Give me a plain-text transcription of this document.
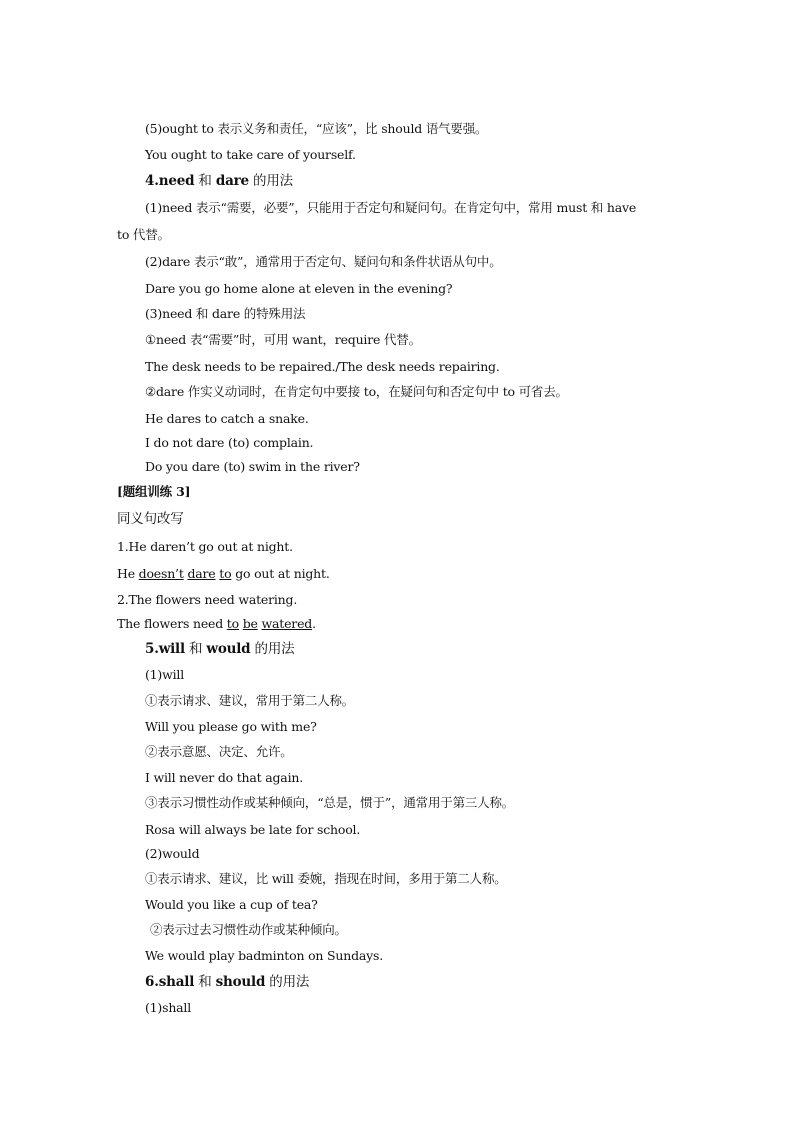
(5)ought to 表示义务和责任，“应该”，比 should 语气要强。
You ought to take care of yourself.
4.need 和 dare 的用法
(1)need 表示“需要，必要”，只能用于否定句和疑问句。在肯定句中，常用 must 和 have
to 代替。
(2)dare 表示“敢”，通常用于否定句、疑问句和条件状语从句中。
Dare you go home alone at eleven in the evening?
(3)need 和 dare 的特殊用法
①need 表“需要”时，可用 want，require 代替。
The desk needs to be repaired./The desk needs repairing.
②dare 作实义动词时，在肯定句中要接 to，在疑问句和否定句中 to 可省去。
He dares to catch a snake.
I do not dare (to) complain.
Do you dare (to) swim in the river?
[题组训练 3]
同义句改写
1.He daren’t go out at night.
He doesn’t dare to go out at night.
2.The flowers need watering.
The flowers need to be watered.
5.will 和 would 的用法
(1)will
①表示请求、建议，常用于第二人称。
Will you please go with me?
②表示意愿、决定、允许。
I will never do that again.
③表示习惯性动作或某种倾向，“总是，惯于”，通常用于第三人称。
Rosa will always be late for school.
(2)would
①表示请求、建议，比 will 委婉，指现在时间，多用于第二人称。
Would you like a cup of tea?
②表示过去习惯性动作或某种倾向。
We would play badminton on Sundays.
6.shall 和 should 的用法
(1)shall
